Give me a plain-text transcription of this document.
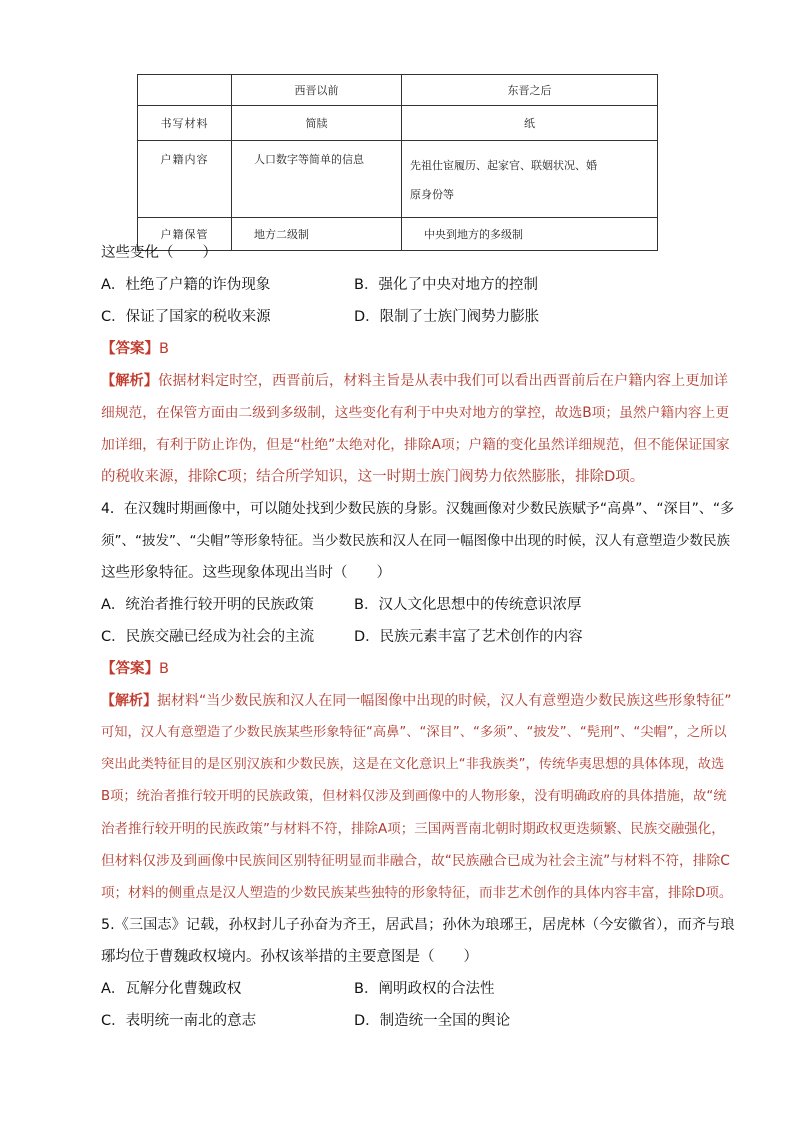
	西晋以前	东晋之后
书写材料	简牍	纸
户籍内容	人口数字等简单的信息	先祖仕宦履历、起家官、联姻状况、婚
原身份等

户籍保管	地方二级制	中央到地方的多级制
这些变化（　　）
A．杜绝了户籍的诈伪现象	B．强化了中央对地方的控制
C．保证了国家的税收来源	D．限制了士族门阀势力膨胀
【答案】B
【解析】依据材料定时空，西晋前后，材料主旨是从表中我们可以看出西晋前后在户籍内容上更加详
细规范，在保管方面由二级到多级制，这些变化有利于中央对地方的掌控，故选B项；虽然户籍内容上更
加详细，有利于防止诈伪，但是“杜绝”太绝对化，排除A项；户籍的变化虽然详细规范，但不能保证国家
的税收来源，排除C项；结合所学知识，这一时期士族门阀势力依然膨胀，排除D项。
4．在汉魏时期画像中，可以随处找到少数民族的身影。汉魏画像对少数民族赋予“高鼻”、“深目”、“多
须”、“披发”、“尖帽”等形象特征。当少数民族和汉人在同一幅图像中出现的时候，汉人有意塑造少数民族
这些形象特征。这些现象体现出当时（　　）
A．统治者推行较开明的民族政策	B．汉人文化思想中的传统意识浓厚
C．民族交融已经成为社会的主流	D．民族元素丰富了艺术创作的内容
【答案】B
【解析】据材料“当少数民族和汉人在同一幅图像中出现的时候，汉人有意塑造少数民族这些形象特征”
可知，汉人有意塑造了少数民族某些形象特征“高鼻”、“深目”、“多须”、“披发”、“髡刑”、“尖帽”，之所以
突出此类特征目的是区别汉族和少数民族，这是在文化意识上“非我族类”，传统华夷思想的具体体现，故选
B项；统治者推行较开明的民族政策，但材料仅涉及到画像中的人物形象，没有明确政府的具体措施，故“统
治者推行较开明的民族政策”与材料不符，排除A项；三国两晋南北朝时期政权更迭频繁、民族交融强化，
但材料仅涉及到画像中民族间区别特征明显而非融合，故“民族融合已成为社会主流”与材料不符，排除C
项；材料的侧重点是汉人塑造的少数民族某些独特的形象特征，而非艺术创作的具体内容丰富，排除D项。
5.《三国志》记载，孙权封儿子孙奋为齐王，居武昌；孙休为琅琊王，居虎林（今安徽省），而齐与琅
琊均位于曹魏政权境内。孙权该举措的主要意图是（　　）
A．瓦解分化曹魏政权	B．阐明政权的合法性
C．表明统一南北的意志	D．制造统一全国的舆论
